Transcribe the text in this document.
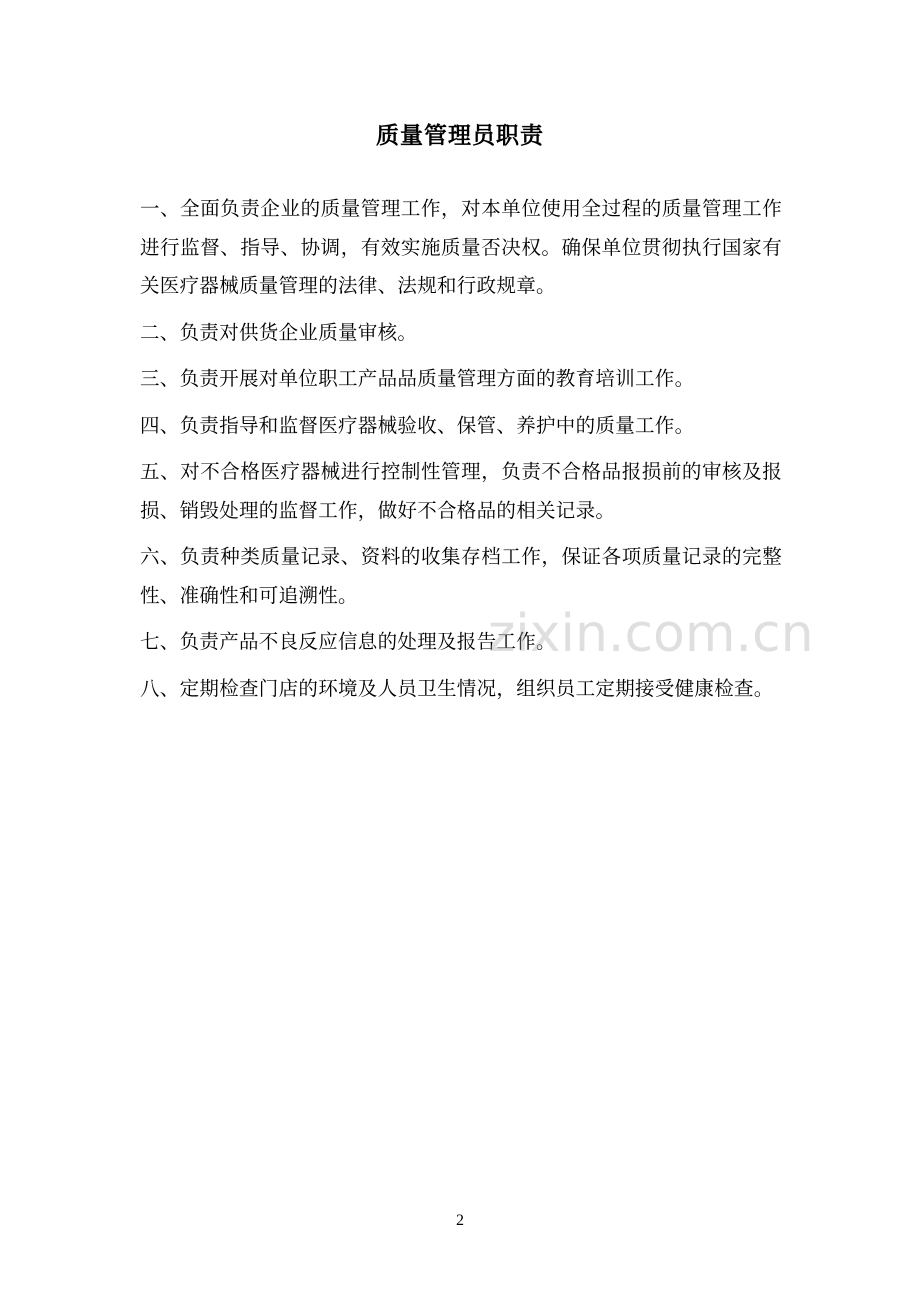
质量管理员职责

一、全面负责企业的质量管理工作，对本单位使用全过程的质量管理工作进行监督、指导、协调，有效实施质量否决权。确保单位贯彻执行国家有关医疗器械质量管理的法律、法规和行政规章。

二、负责对供货企业质量审核。

三、负责开展对单位职工产品品质量管理方面的教育培训工作。

四、负责指导和监督医疗器械验收、保管、养护中的质量工作。

五、对不合格医疗器械进行控制性管理，负责不合格品报损前的审核及报损、销毁处理的监督工作，做好不合格品的相关记录。

六、负责种类质量记录、资料的收集存档工作，保证各项质量记录的完整性、准确性和可追溯性。

七、负责产品不良反应信息的处理及报告工作。

八、定期检查门店的环境及人员卫生情况，组织员工定期接受健康检查。

zixin.com.cn
2
